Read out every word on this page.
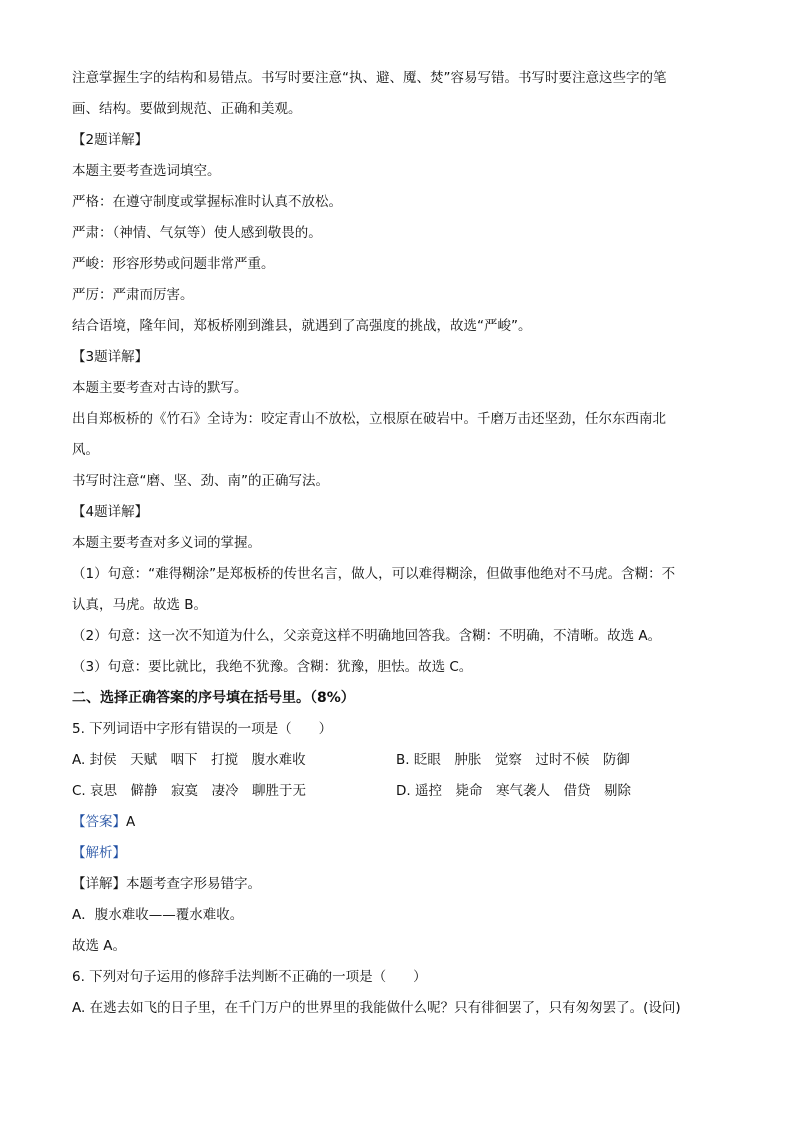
注意掌握生字的结构和易错点。书写时要注意“执、避、魇、焚”容易写错。书写时要注意这些字的笔
画、结构。要做到规范、正确和美观。
【2题详解】
本题主要考查选词填空。
严格：在遵守制度或掌握标准时认真不放松。
严肃：（神情、气氛等）使人感到敬畏的。
严峻：形容形势或问题非常严重。
严厉：严肃而厉害。
结合语境，隆年间，郑板桥刚到潍县，就遇到了高强度的挑战，故选“严峻”。
【3题详解】
本题主要考查对古诗的默写。
出自郑板桥的《竹石》全诗为：咬定青山不放松，立根原在破岩中。千磨万击还坚劲，任尔东西南北
风。
书写时注意“磨、坚、劲、南”的正确写法。
【4题详解】
本题主要考查对多义词的掌握。
（1）句意：“难得糊涂”是郑板桥的传世名言，做人，可以难得糊涂，但做事他绝对不马虎。含糊：不
认真，马虎。故选 B。
（2）句意：这一次不知道为什么，父亲竟这样不明确地回答我。含糊：不明确，不清晰。故选 A。
（3）句意：要比就比，我绝不犹豫。含糊：犹豫，胆怯。故选 C。
二、选择正确答案的序号填在括号里。（8%）
5. 下列词语中字形有错误的一项是（　　）
A. 封侯　天赋　咽下　打搅　腹水难收	B. 眨眼　肿胀　觉察　过时不候　防御
C. 哀思　僻静　寂寞　凄冷　聊胜于无	D. 遥控　毙命　寒气袭人　借贷　剔除
【答案】A
【解析】
【详解】本题考查字形易错字。
A．腹水难收——覆水难收。
故选 A。
6. 下列对句子运用的修辞手法判断不正确的一项是（　　）
A. 在逃去如飞的日子里，在千门万户的世界里的我能做什么呢？只有徘徊罢了，只有匆匆罢了。(设问)
